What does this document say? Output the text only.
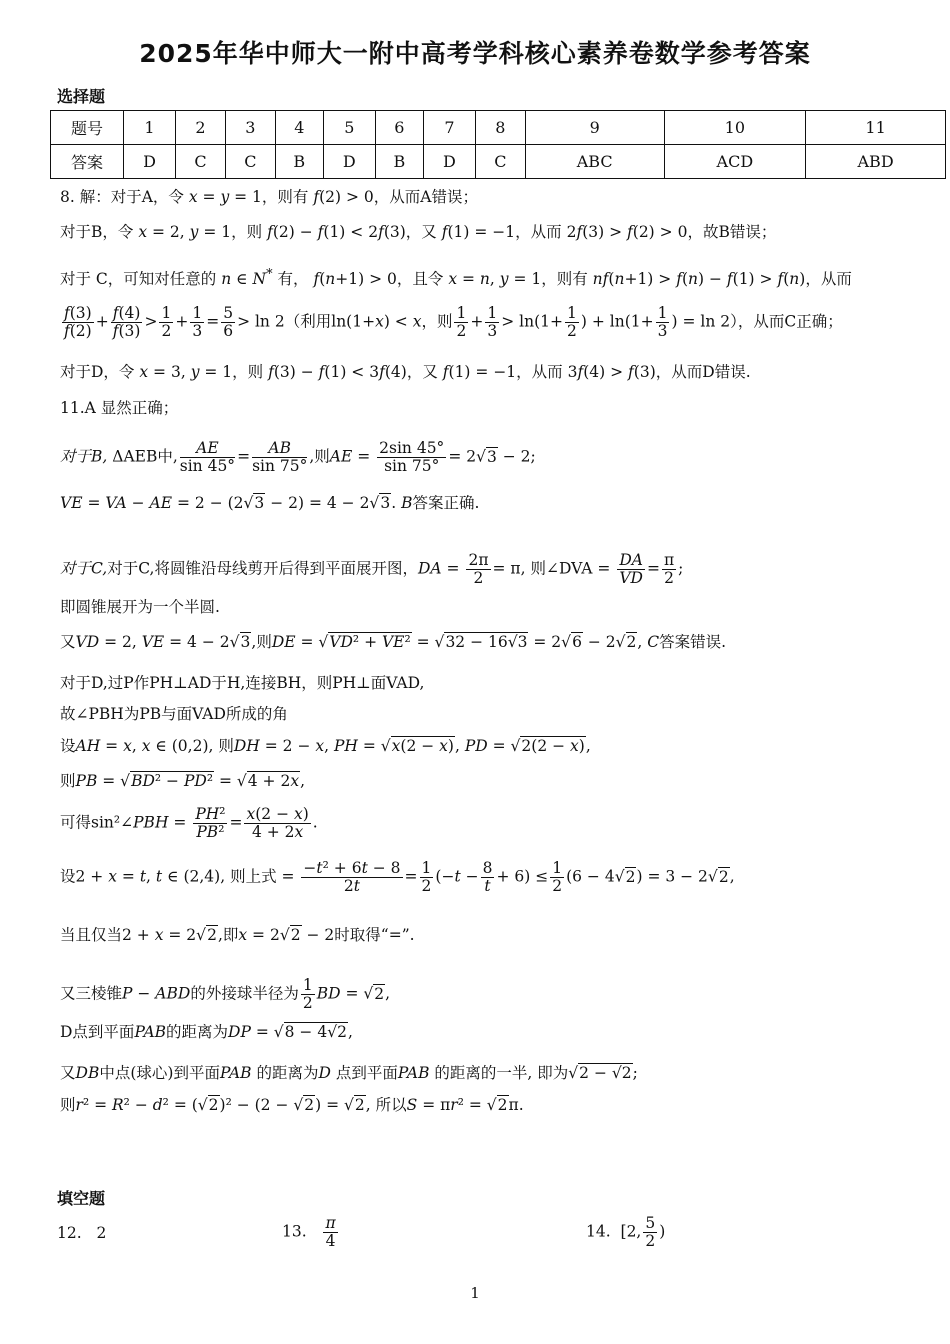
2025年华中师大一附中高考学科核心素养卷数学参考答案
选择题
题号	1	2	3	4	5	6	7	8	9	10	11
答案	D	C	C	B	D	B	D	C	ABC	ACD	ABD
8. 解：对于A，令 x = y = 1，则有 f(2) > 0，从而A错误；
对于B，令 x = 2, y = 1，则 f(2) − f(1) < 2f(3)，又 f(1) = −1，从而 2f(3) > f(2) > 0，故B错误；
对于 C，可知对任意的 n ∈ N* 有， f(n+1) > 0，且令 x = n, y = 1，则有 nf(n+1) > f(n) − f(1) > f(n)，从而
$\frac{f(3)}{f(2)} + \frac{f(4)}{f(3)} > \frac{1}{2} + \frac{1}{3} = \frac{5}{6} > \ln 2$（利用ln(1+x) < x，则 $\frac{1}{2} + \frac{1}{3} > \ln(1+ \frac{1}{2}$ ) + $\ln(1+ \frac{1}{3}$ ) = ln 2），从而C正确；
对于D，令 x = 3, y = 1，则 f(3) − f(1) < 3f(4)，又 f(1) = −1，从而 3f(4) > f(3)，从而D错误.
11.A 显然正确；
对于B, ΔAEB中, $\frac{AE}{\sin 45^\circ} = \frac{AB}{\sin 75^\circ}$ ,则AE = $\frac{2\sin 45^\circ}{\sin 75^\circ} = 2√3 - 2$;
VE = VA − AE = 2 − (2√3 − 2) = 4 − 2√3. B答案正确.
对于C,对于C,将圆锥沿母线剪开后得到平面展开图，DA = $\frac{2\pi}{2} = \pi$, 则∠DVA = $\frac{DA}{VD} = \frac{\pi}{2}$ ;
即圆锥展开为一个半圆.
又VD = 2, VE = 4 − 2√3,则DE = √VD² + VE² = √32 − 16√3 = 2√6 − 2√2, C答案错误.
对于D,过P作PH⊥AD于H,连接BH，则PH⊥面VAD,
故∠PBH为PB与面VAD所成的角
设AH = x, x ∈ (0,2), 则DH = 2 − x, PH = √x(2 − x), PD = √2(2 − x),
则PB = √BD² − PD² = √4 + 2x,
可得sin²∠PBH = $\frac{\text{PH²}}{\text{PB²}} = \frac{x(2 - x)}{4 + 2x}$ .
设2 + x = t, t ∈ (2,4), 则上式 = $\frac{\text{−t² + 6t − 8}}{2t} = \frac{1}{2} (-t - \frac{8}{t} + 6) \le \frac{1}{2} (6 - 4√2) = 3 - 2√2$,
当且仅当2 + x = 2√2,即x = 2√2 − 2时取得“=”.
又三棱锥P − ABD的外接球半径为 $\frac{1}{2}$ BD = √2,
D点到平面PAB的距离为DP = √8 − 4√2,
又DB中点(球心)到平面PAB 的距离为D 点到平面PAB 的距离的一半, 即为√2 − √2;
则r² = R² − d² = (√2)² − (2 − √2) = √2, 所以S = πr² = √2π.
填空题
12. 2	13. $\frac{\pi}{4}$	14. [2, $\frac{5}{2}$ )
1
